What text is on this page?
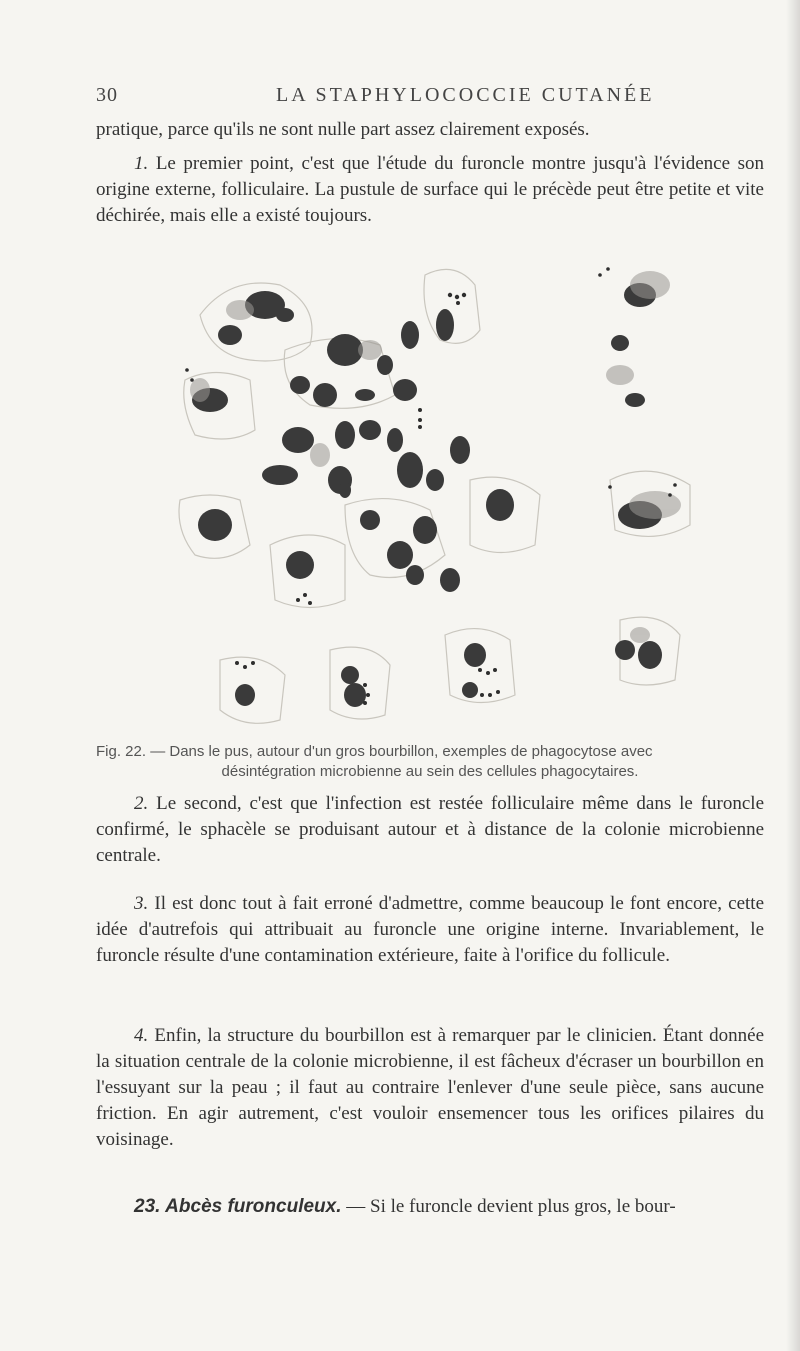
30	LA STAPHYLOCOCCIE CUTANÉE

pratique, parce qu'ils ne sont nulle part assez clairement exposés.

1. Le premier point, c'est que l'étude du furoncle montre jusqu'à l'évidence son origine externe, folliculaire. La pustule de surface qui le précède peut être petite et vite déchirée, mais elle a existé toujours.

Fig. 22. — Dans le pus, autour d'un gros bourbillon, exemples de phagocytose avec
désintégration microbienne au sein des cellules phagocytaires.

2. Le second, c'est que l'infection est restée folliculaire même dans le furoncle confirmé, le sphacèle se produisant autour et à distance de la colonie microbienne centrale.

3. Il est donc tout à fait erroné d'admettre, comme beaucoup le font encore, cette idée d'autrefois qui attribuait au furoncle une origine interne. Invariablement, le furoncle résulte d'une contamination extérieure, faite à l'orifice du follicule.

4. Enfin, la structure du bourbillon est à remarquer par le clinicien. Étant donnée la situation centrale de la colonie microbienne, il est fâcheux d'écraser un bourbillon en l'essuyant sur la peau ; il faut au contraire l'enlever d'une seule pièce, sans aucune friction. En agir autrement, c'est vouloir ensemencer tous les orifices pilaires du voisinage.

23. Abcès furonculeux. — Si le furoncle devient plus gros, le bour-
